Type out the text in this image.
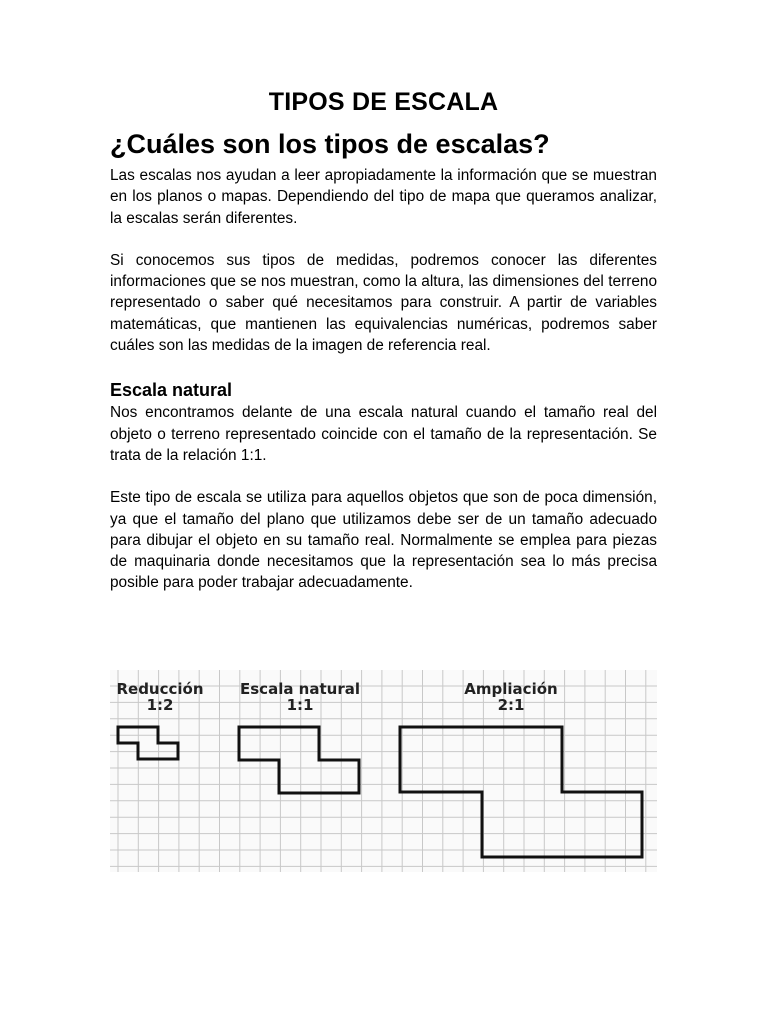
TIPOS DE ESCALA
¿Cuáles son los tipos de escalas?

Las escalas nos ayudan a leer apropiadamente la información que se muestran en los planos o mapas. Dependiendo del tipo de mapa que queramos analizar, la escalas serán diferentes.

Si conocemos sus tipos de medidas, podremos conocer las diferentes informaciones que se nos muestran, como la altura, las dimensiones del terreno representado o saber qué necesitamos para construir. A partir de variables matemáticas, que mantienen las equivalencias numéricas, podremos saber cuáles son las medidas de la imagen de referencia real.

Escala natural

Nos encontramos delante de una escala natural cuando el tamaño real del objeto o terreno representado coincide con el tamaño de la representación. Se trata de la relación 1:1.

Este tipo de escala se utiliza para aquellos objetos que son de poca dimensión, ya que el tamaño del plano que utilizamos debe ser de un tamaño adecuado para dibujar el objeto en su tamaño real. Normalmente se emplea para piezas de maquinaria donde necesitamos que la representación sea lo más precisa posible para poder trabajar adecuadamente.

Reducción
1:2
Escala natural
1:1
Ampliación
2:1
